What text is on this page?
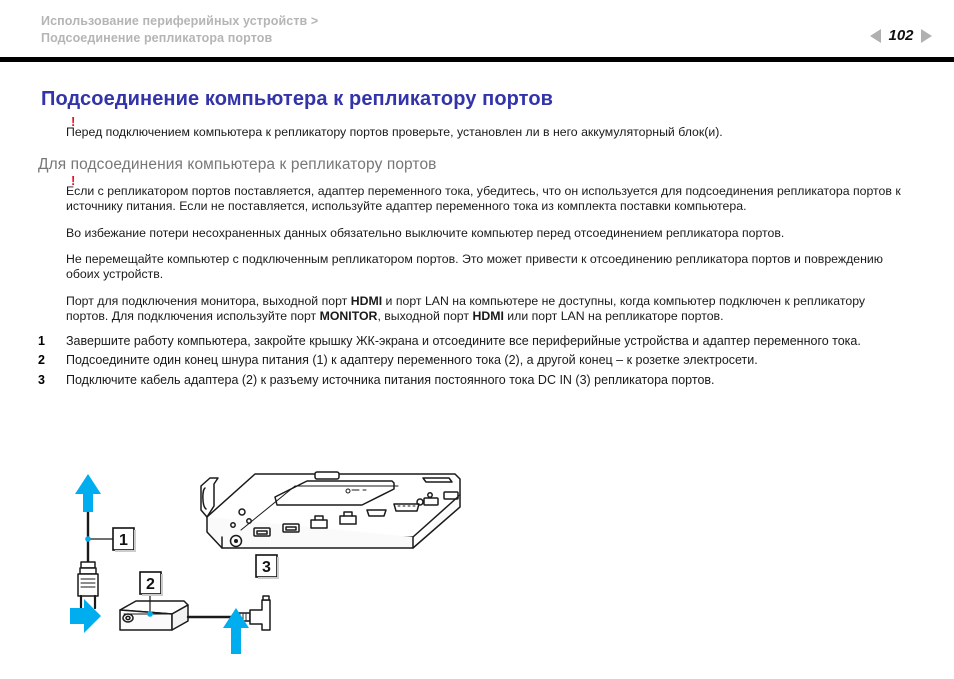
Использование периферийных устройств >
Подсоединение репликатора портов	102
Подсоединение компьютера к репликатору портов
!
Перед подключением компьютера к репликатору портов проверьте, установлен ли в него аккумуляторный блок(и).
Для подсоединения компьютера к репликатору портов
!
Если с репликатором портов поставляется, адаптер переменного тока, убедитесь, что он используется для подсоединения репликатора портов к источнику питания. Если не поставляется, используйте адаптер переменного тока из комплекта поставки компьютера.
Во избежание потери несохраненных данных обязательно выключите компьютер перед отсоединением репликатора портов.
Не перемещайте компьютер с подключенным репликатором портов. Это может привести к отсоединению репликатора портов и повреждению обоих устройств.
Порт для подключения монитора, выходной порт HDMI и порт LAN на компьютере не доступны, когда компьютер подключен к репликатору портов. Для подключения используйте порт MONITOR, выходной порт HDMI или порт LAN на репликаторе портов.
1	Завершите работу компьютера, закройте крышку ЖК-экрана и отсоедините все периферийные устройства и адаптер переменного тока.
2	Подсоедините один конец шнура питания (1) к адаптеру переменного тока (2), а другой конец – к розетке электросети.
3	Подключите кабель адаптера (2) к разъему источника питания постоянного тока DC IN (3) репликатора портов.
1
2
3
